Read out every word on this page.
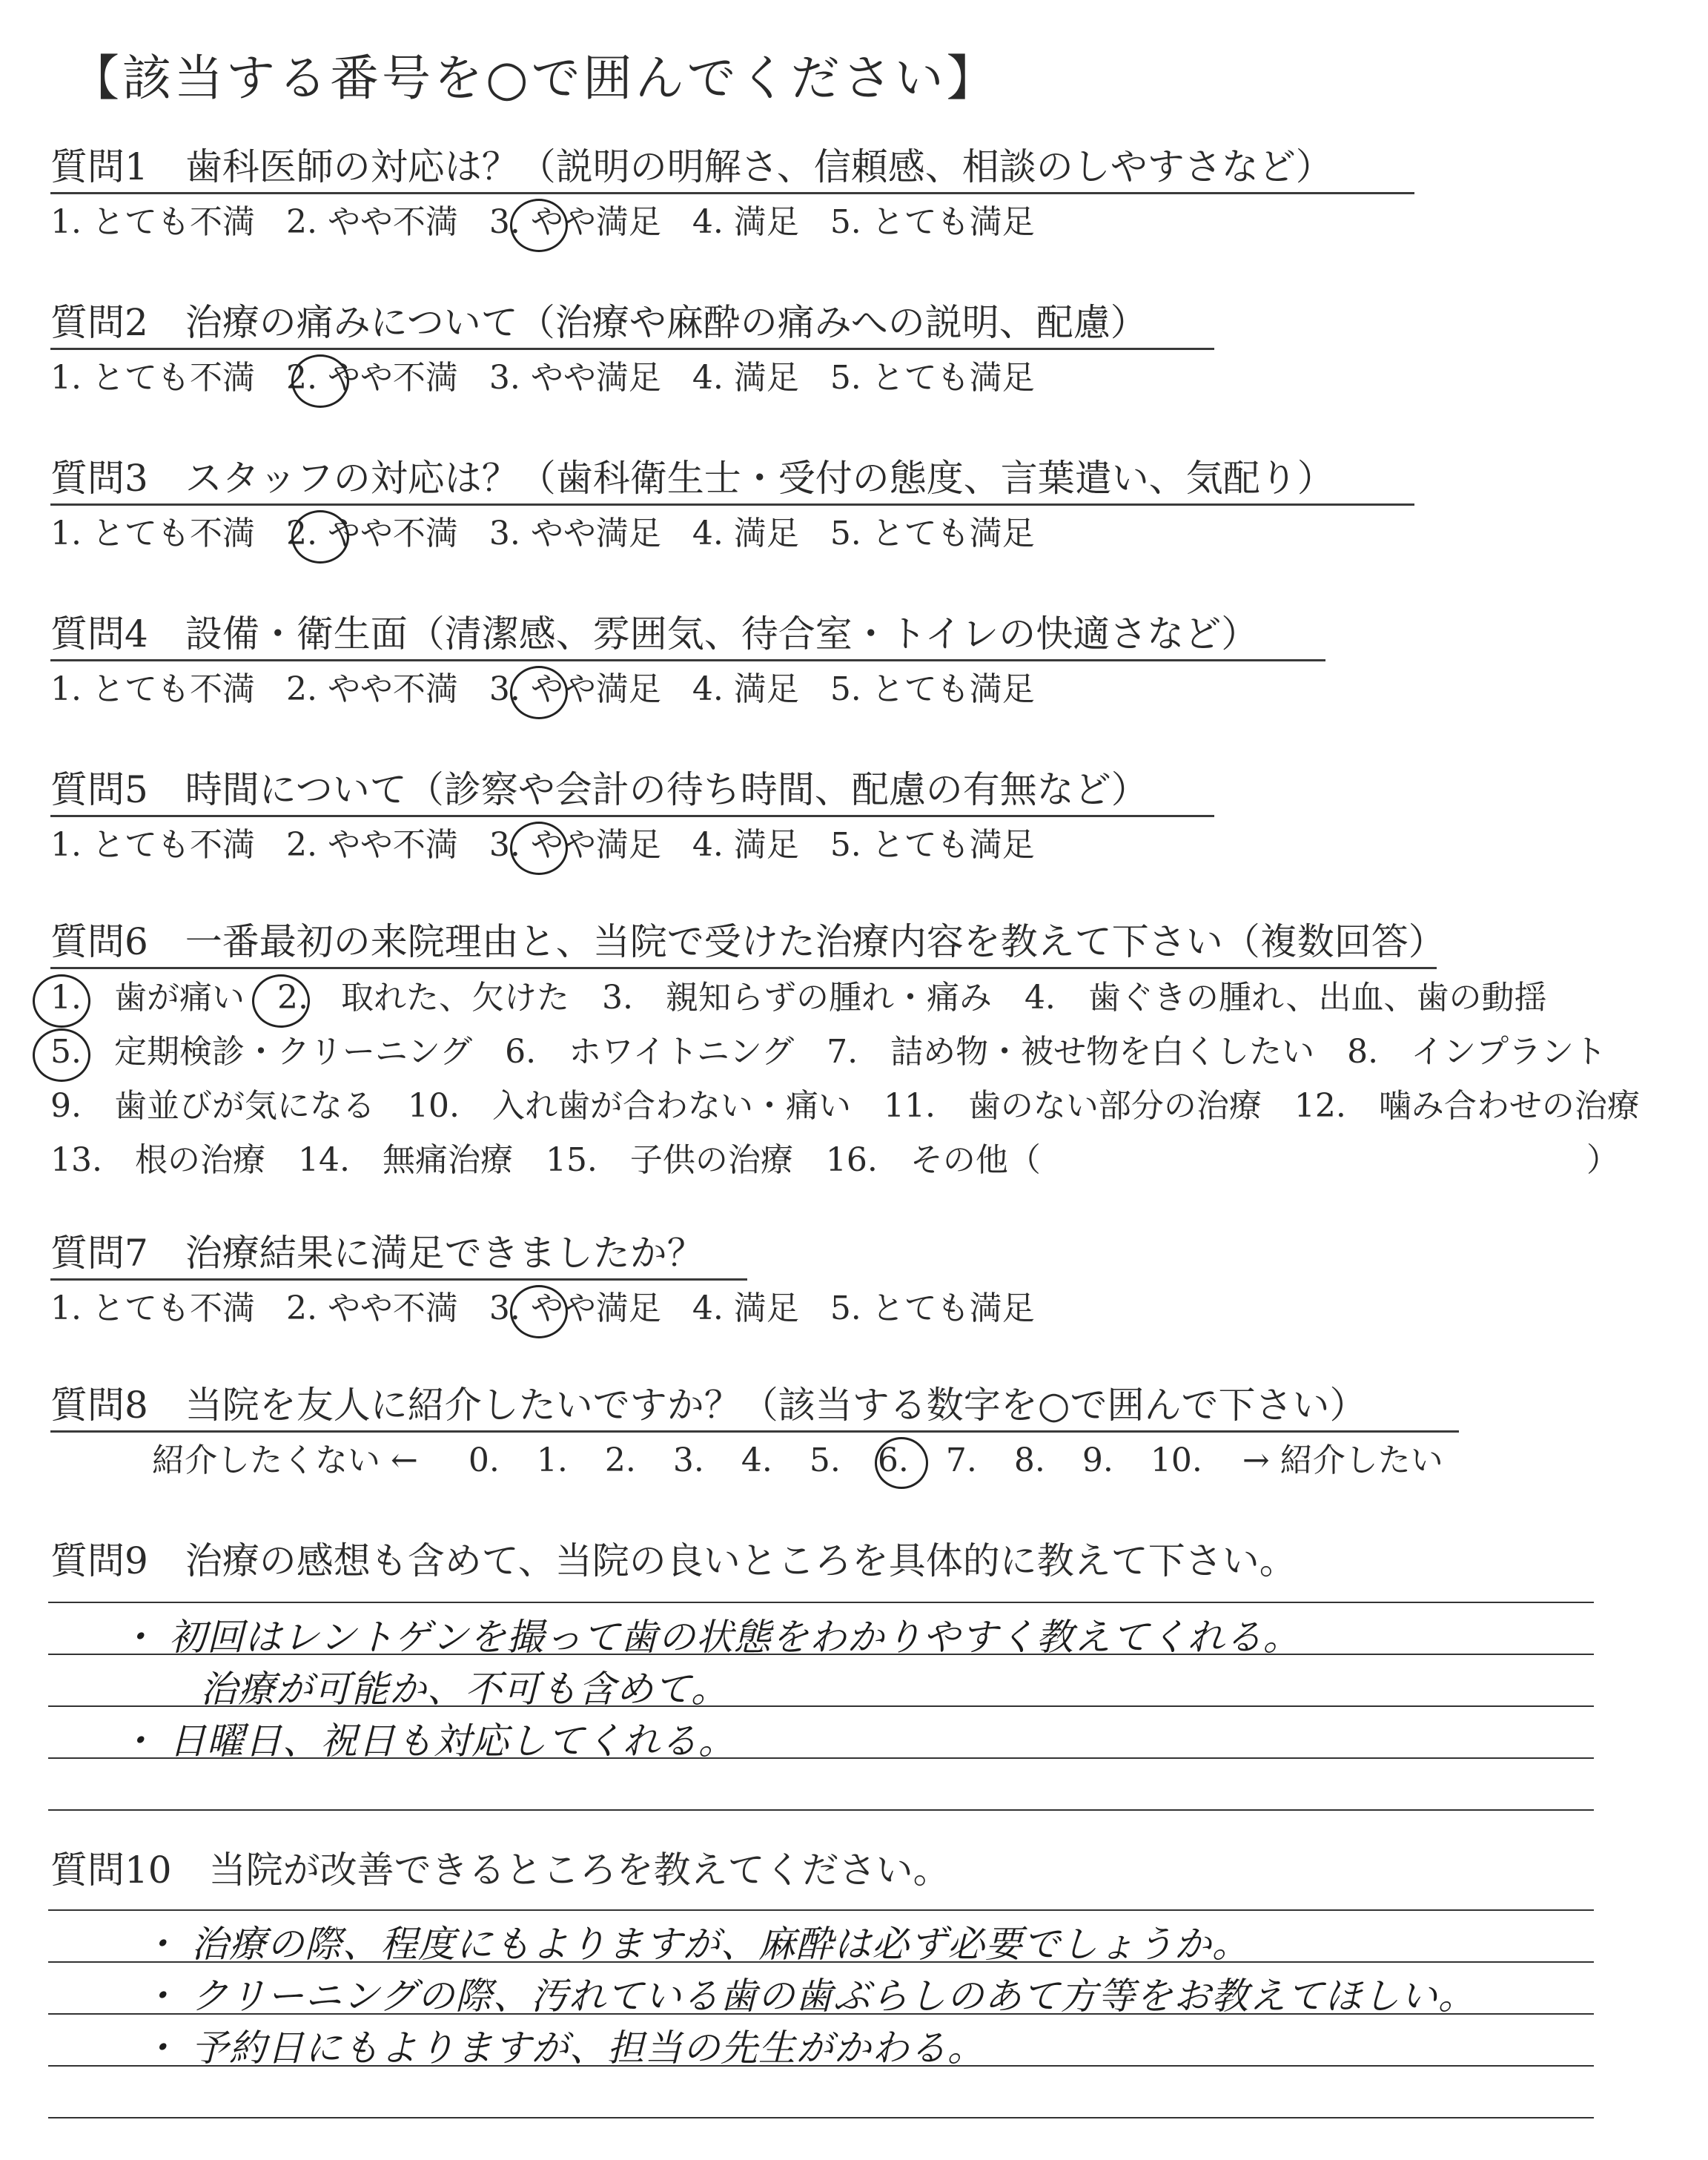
【該当する番号を○で囲んでください】
質問1　歯科医師の対応は？（説明の明解さ、信頼感、相談のしやすさなど）
1. とても不満 2. やや不満 3. やや満足 4. 満足 5. とても満足
質問2　治療の痛みについて（治療や麻酔の痛みへの説明、配慮）
1. とても不満 2. やや不満 3. やや満足 4. 満足 5. とても満足
質問3　スタッフの対応は？（歯科衛生士・受付の態度、言葉遣い、気配り）
1. とても不満 2. やや不満 3. やや満足 4. 満足 5. とても満足
質問4　設備・衛生面（清潔感、雰囲気、待合室・トイレの快適さなど）
1. とても不満 2. やや不満 3. やや満足 4. 満足 5. とても満足
質問5　時間について（診察や会計の待ち時間、配慮の有無など）
1. とても不満 2. やや不満 3. やや満足 4. 満足 5. とても満足
質問6　一番最初の来院理由と、当院で受けた治療内容を教えて下さい（複数回答）
1.　歯が痛い　2.　取れた、欠けた　3.　親知らずの腫れ・痛み　4.　歯ぐきの腫れ、出血、歯の動揺
5.　定期検診・クリーニング　6.　ホワイトニング　7.　詰め物・被せ物を白くしたい　8.　インプラント
9.　歯並びが気になる　10.　入れ歯が合わない・痛い　11.　歯のない部分の治療　12.　噛み合わせの治療
13.　根の治療　14.　無痛治療　15.　子供の治療　16.　その他（	）
質問7　治療結果に満足できましたか？
1. とても不満 2. やや不満 3. やや満足 4. 満足 5. とても満足
質問8　当院を友人に紹介したいですか？（該当する数字を○で囲んで下さい）
紹介したくない ← 0. 1. 2. 3. 4. 5. 6. 7. 8. 9. 10. → 紹介したい
質問9　治療の感想も含めて、当院の良いところを具体的に教えて下さい。
・ 初回はレントゲンを撮って歯の状態をわかりやすく教えてくれる。
治療が可能か、不可も含めて。
・ 日曜日、祝日も対応してくれる。
質問10　当院が改善できるところを教えてください。
・ 治療の際、程度にもよりますが、麻酔は必ず必要でしょうか。
・ クリーニングの際、汚れている歯の歯ぶらしのあて方等をお教えてほしい。
・ 予約日にもよりますが、担当の先生がかわる。
